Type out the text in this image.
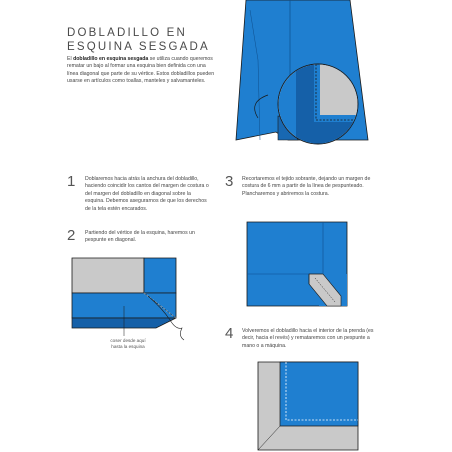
DOBLADILLO EN
ESQUINA SESGADA

El dobladillo en esquina sesgada se utiliza cuando queremos rematar un bajo al formar una esquina bien definida con una línea diagonal que parte de su vértice. Estos dobladillos pueden usarse en artículos como toallas, manteles y salvamanteles.

1 Doblaremos hacia atrás la anchura del dobladillo, haciendo coincidir los cantos del margen de costura o del margen del dobladillo en diagonal sobre la esquina. Debemos asegurarnos de que los derechos de la tela estén encarados.

2 Partiendo del vértice de la esquina, haremos un pespunte en diagonal.

coser desde aquí
hasta la esquina
3 Recortaremos el tejido sobrante, dejando un margen de costura de 6 mm a partir de la línea de pespunteado. Plancharemos y abriremos la costura.

4 Volveremos el dobladillo hacia el interior de la prenda (es decir, hacia el revés) y remataremos con un pespunte a mano o a máquina.
